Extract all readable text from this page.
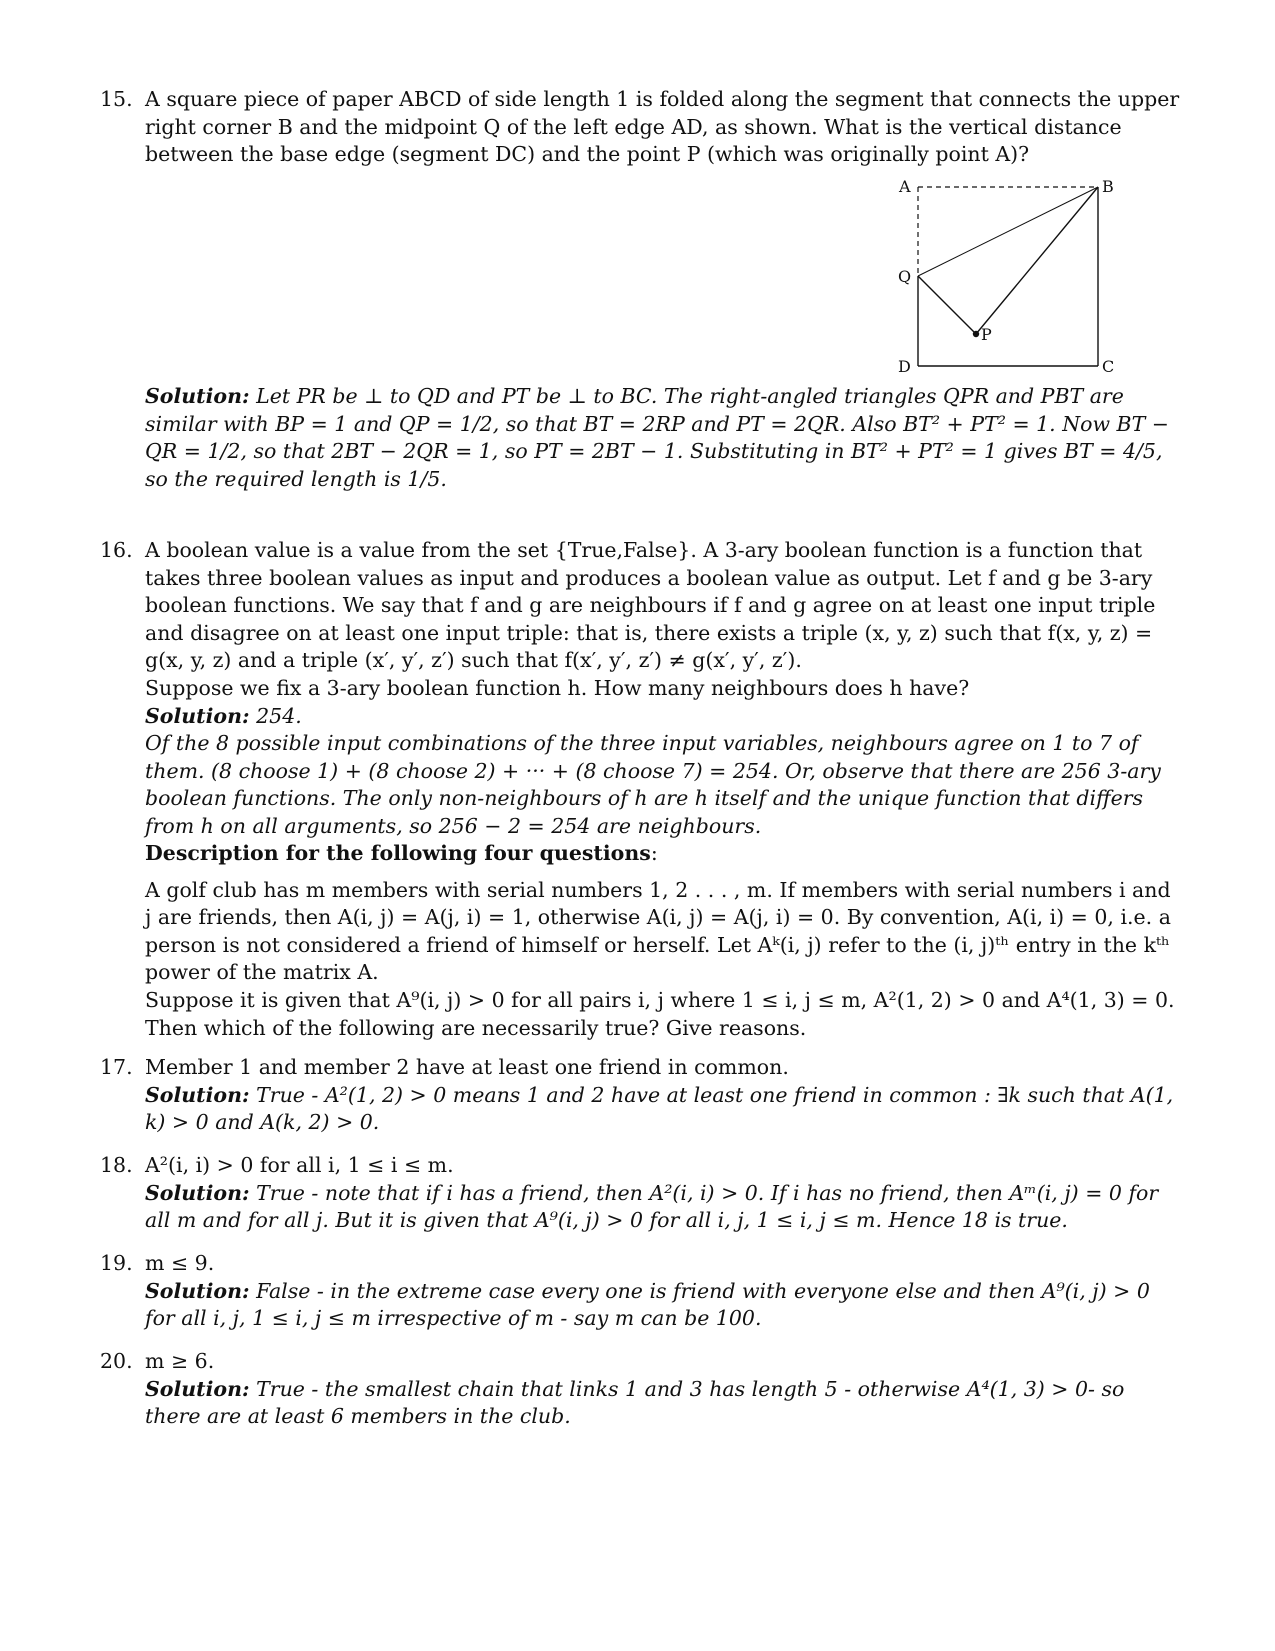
15. A square piece of paper ABCD of side length 1 is folded along the segment that connects the upper right corner B and the midpoint Q of the left edge AD, as shown. What is the vertical distance between the base edge (segment DC) and the point P (which was originally point A)?

A	B
Q
P
D	C

Solution: Let PR be ⊥ to QD and PT be ⊥ to BC. The right-angled triangles QPR and PBT are similar with BP = 1 and QP = 1/2, so that BT = 2RP and PT = 2QR. Also BT² + PT² = 1. Now BT − QR = 1/2, so that 2BT − 2QR = 1, so PT = 2BT − 1. Substituting in BT² + PT² = 1 gives BT = 4/5, so the required length is 1/5.

16. A boolean value is a value from the set {True,False}. A 3-ary boolean function is a function that takes three boolean values as input and produces a boolean value as output. Let f and g be 3-ary boolean functions. We say that f and g are neighbours if f and g agree on at least one input triple and disagree on at least one input triple: that is, there exists a triple (x, y, z) such that f(x, y, z) = g(x, y, z) and a triple (x′, y′, z′) such that f(x′, y′, z′) ≠ g(x′, y′, z′).

Suppose we fix a 3-ary boolean function h. How many neighbours does h have?

Solution: 254.

Of the 8 possible input combinations of the three input variables, neighbours agree on 1 to 7 of them. (8 choose 1) + (8 choose 2) + ··· + (8 choose 7) = 254. Or, observe that there are 256 3-ary boolean functions. The only non-neighbours of h are h itself and the unique function that differs from h on all arguments, so 256 − 2 = 254 are neighbours.

Description for the following four questions:

A golf club has m members with serial numbers 1, 2 . . . , m. If members with serial numbers i and j are friends, then A(i, j) = A(j, i) = 1, otherwise A(i, j) = A(j, i) = 0. By convention, A(i, i) = 0, i.e. a person is not considered a friend of himself or herself. Let Aᵏ(i, j) refer to the (i, j)ᵗʰ entry in the kᵗʰ power of the matrix A.

Suppose it is given that A⁹(i, j) > 0 for all pairs i, j where 1 ≤ i, j ≤ m, A²(1, 2) > 0 and A⁴(1, 3) = 0. Then which of the following are necessarily true? Give reasons.

17. Member 1 and member 2 have at least one friend in common.

Solution: True - A²(1, 2) > 0 means 1 and 2 have at least one friend in common : ∃k such that A(1, k) > 0 and A(k, 2) > 0.

18. A²(i, i) > 0 for all i, 1 ≤ i ≤ m.

Solution: True - note that if i has a friend, then A²(i, i) > 0. If i has no friend, then Aᵐ(i, j) = 0 for all m and for all j. But it is given that A⁹(i, j) > 0 for all i, j, 1 ≤ i, j ≤ m. Hence 18 is true.

19. m ≤ 9.

Solution: False - in the extreme case every one is friend with everyone else and then A⁹(i, j) > 0 for all i, j, 1 ≤ i, j ≤ m irrespective of m - say m can be 100.

20. m ≥ 6.

Solution: True - the smallest chain that links 1 and 3 has length 5 - otherwise A⁴(1, 3) > 0- so there are at least 6 members in the club.
